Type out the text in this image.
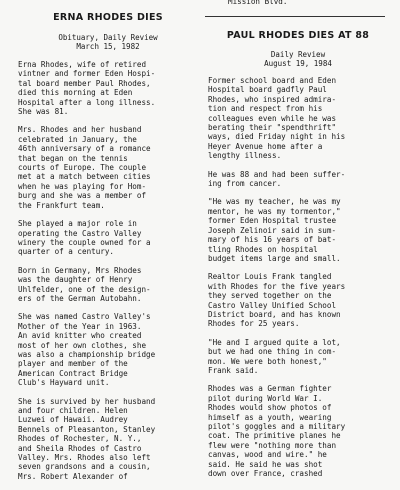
Mission Blvd.
ERNA RHODES DIES

Obituary, Daily Review

March 15, 1982

Erna Rhodes, wife of retired
vintner and former Eden Hospi-
tal board member Paul Rhodes,
died this morning at Eden
Hospital after a long illness.
She was 81.

Mrs. Rhodes and her husband
celebrated in January, the
46th anniversary of a romance
that began on the tennis
courts of Europe. The couple
met at a match between cities
when he was playing for Hom-
burg and she was a member of
the Frankfurt team.

She played a major role in
operating the Castro Valley
winery the couple owned for a
quarter of a century.

Born in Germany, Mrs Rhodes
was the daughter of Henry
Uhlfelder, one of the design-
ers of the German Autobahn.

She was named Castro Valley's
Mother of the Year in 1963.
An avid knitter who created
most of her own clothes, she
was also a championship bridge
player and member of the
American Contract Bridge
Club's Hayward unit.

She is survived by her husband
and four children. Helen
Luzwei of Hawaii. Audrey
Bennels of Pleasanton, Stanley
Rhodes of Rochester, N. Y.,
and Sheila Rhodes of Castro
Valley. Mrs. Rhodes also left
seven grandsons and a cousin,
Mrs. Robert Alexander of

PAUL RHODES DIES AT 88

Daily Review

August 19, 1984

Former school board and Eden
Hospital board gadfly Paul
Rhodes, who inspired admira-
tion and respect from his
colleagues even while he was
berating their "spendthrift"
ways, died Friday night in his
Heyer Avenue home after a
lengthy illness.

He was 88 and had been suffer-
ing from cancer.

"He was my teacher, he was my
mentor, he was my tormentor,"
former Eden Hospital trustee
Joseph Zelinoir said in sum-
mary of his 16 years of bat-
tling Rhodes on hospital
budget items large and small.

Realtor Louis Frank tangled
with Rhodes for the five years
they served together on the
Castro Valley Unified School
District board, and has known
Rhodes for 25 years.

"He and I argued quite a lot,
but we had one thing in com-
mon. We were both honest,"
Frank said.

Rhodes was a German fighter
pilot during World War I.
Rhodes would show photos of
himself as a youth, wearing
pilot's goggles and a military
coat. The primitive planes he
flew were "nothing more than
canvas, wood and wire." he
said. He said he was shot
down over France, crashed
